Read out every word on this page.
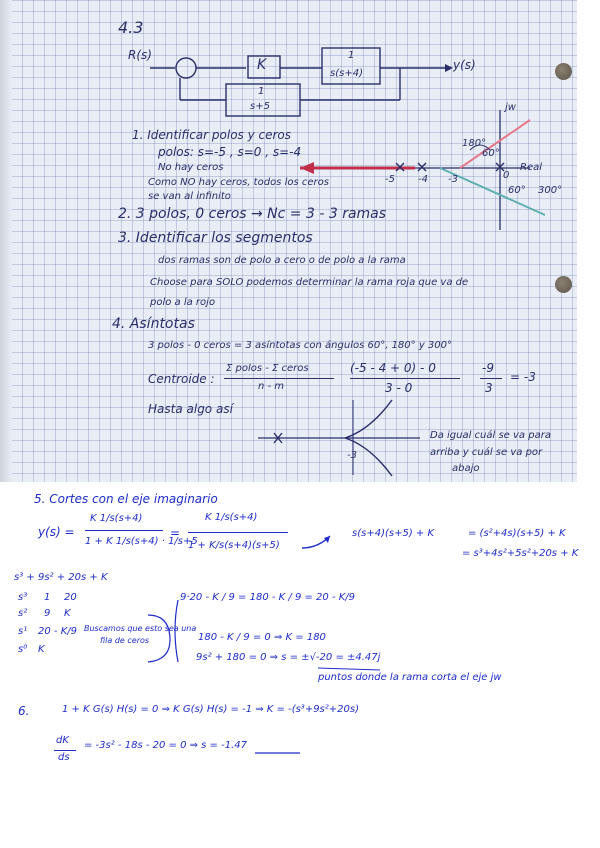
4.3
R(s)
y(s)
K
1
s(s+4)
1
s+5
1. Identificar polos y ceros
polos: s=-5 , s=0 , s=-4
No hay ceros
Como NO hay ceros, todos los ceros
se van al infinito
jw
Real
-5 -4 -3	0
180°
60°
60° 300°
2. 3 polos, 0 ceros → Nc = 3 - 3 ramas
3. Identificar los segmentos
dos ramas son de polo a cero o de polo a la rama
Choose para SOLO podemos determinar la rama roja que va de
polo a la rojo
4. Asíntotas
3 polos - 0 ceros = 3 asíntotas con ángulos 60°, 180° y 300°
Centroide :
Σ polos - Σ ceros
n - m
(-5 - 4 + 0) - 0
3 - 0
-9
3
= -3
Hasta algo así
-3
Da igual cuál se va para
arriba y cuál se va por
abajo
5. Cortes con el eje imaginario
y(s) =
K 1/s(s+4)
1 + K 1/s(s+4) · 1/s+5
=
K 1/s(s+4)
1 + K/s(s+4)(s+5)
s(s+4)(s+5) + K	= (s²+4s)(s+5) + K
= s³+4s²+5s²+20s + K
s³ + 9s² + 20s + K
s³ 1 20
s² 9 K
s¹ 20 - K/9
s⁰ K
Buscamos que esto sea una
fila de ceros
9·20 - K / 9 = 180 - K / 9 = 20 - K/9
180 - K / 9 = 0 ⇒ K = 180
9s² + 180 = 0 ⇒ s = ±√-20 = ±4.47j
puntos donde la rama corta el eje jw
6.	1 + K G(s) H(s) = 0 ⇒ K G(s) H(s) = -1 ⇒ K = -(s³+9s²+20s)
dK
ds
= -3s² - 18s - 20 = 0 ⇒ s = -1.47
